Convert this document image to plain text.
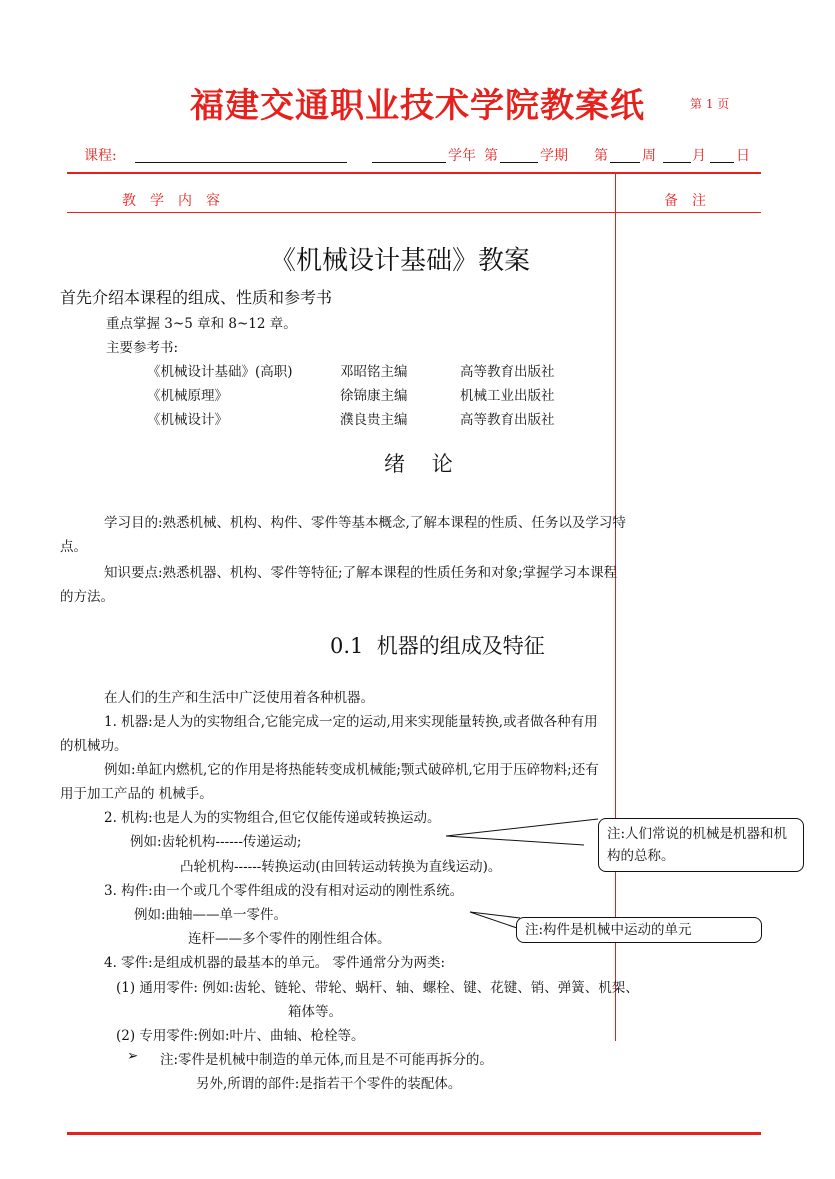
福建交通职业技术学院教案纸	第 1 页
课程:	学年 第	学期 第 周	月 日
教学内容	备注
《机械设计基础》教案
首先介绍本课程的组成、性质和参考书
重点掌握 3~5 章和 8~12 章。
主要参考书:
《机械设计基础》(高职)	邓昭铭主编	高等教育出版社
《机械原理》	徐锦康主编	机械工业出版社
《机械设计》	濮良贵主编	高等教育出版社
绪    论
学习目的:熟悉机械、机构、构件、零件等基本概念,了解本课程的性质、任务以及学习特
点。
知识要点:熟悉机器、机构、零件等特征;了解本课程的性质任务和对象;掌握学习本课程
的方法。
0.1  机器的组成及特征
在人们的生产和生活中广泛使用着各种机器。
1. 机器:是人为的实物组合,它能完成一定的运动,用来实现能量转换,或者做各种有用
的机械功。
例如:单缸内燃机,它的作用是将热能转变成机械能;颚式破碎机,它用于压碎物料;还有
用于加工产品的 机械手。
2. 机构:也是人为的实物组合,但它仅能传递或转换运动。
例如:齿轮机构------传递运动;
凸轮机构------转换运动(由回转运动转换为直线运动)。
3. 构件:由一个或几个零件组成的没有相对运动的刚性系统。
例如:曲轴——单一零件。
连杆——多个零件的刚性组合体。
4. 零件:是组成机器的最基本的单元。 零件通常分为两类:
(1) 通用零件: 例如:齿轮、链轮、带轮、蜗杆、轴、螺栓、键、花键、销、弹簧、机架、
箱体等。
(2) 专用零件:例如:叶片、曲轴、枪栓等。
➢ 注:零件是机械中制造的单元体,而且是不可能再拆分的。
另外,所谓的部件:是指若干个零件的装配体。
注:人们常说的机械是机器和机构的总称。
注:构件是机械中运动的单元
